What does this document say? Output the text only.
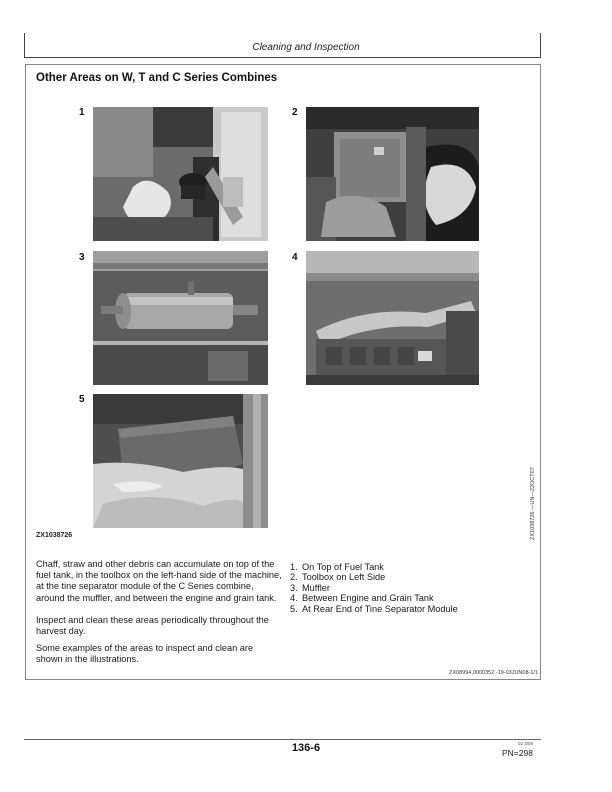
Cleaning and Inspection
Other Areas on W, T and C Series Combines
1	2
3	4
5
ZX1038726	ZX1038726 —UN—22OCT07
Chaff, straw and other debris can accumulate on top of the fuel tank, in the toolbox on the left-hand side of the machine, at the tine separator module of the C Series combine, around the muffler, and between the engine and grain tank.
Inspect and clean these areas periodically throughout the harvest day.
Some examples of the areas to inspect and clean are shown in the illustrations.
1. On Top of Fuel Tank
2. Toolbox on Left Side
3. Muffler
4. Between Engine and Grain Tank
5. At Rear End of Tine Separator Module
ZX08994,0000352 -19-03JUN08-1/1
136-6	02 3/09
PN=298
